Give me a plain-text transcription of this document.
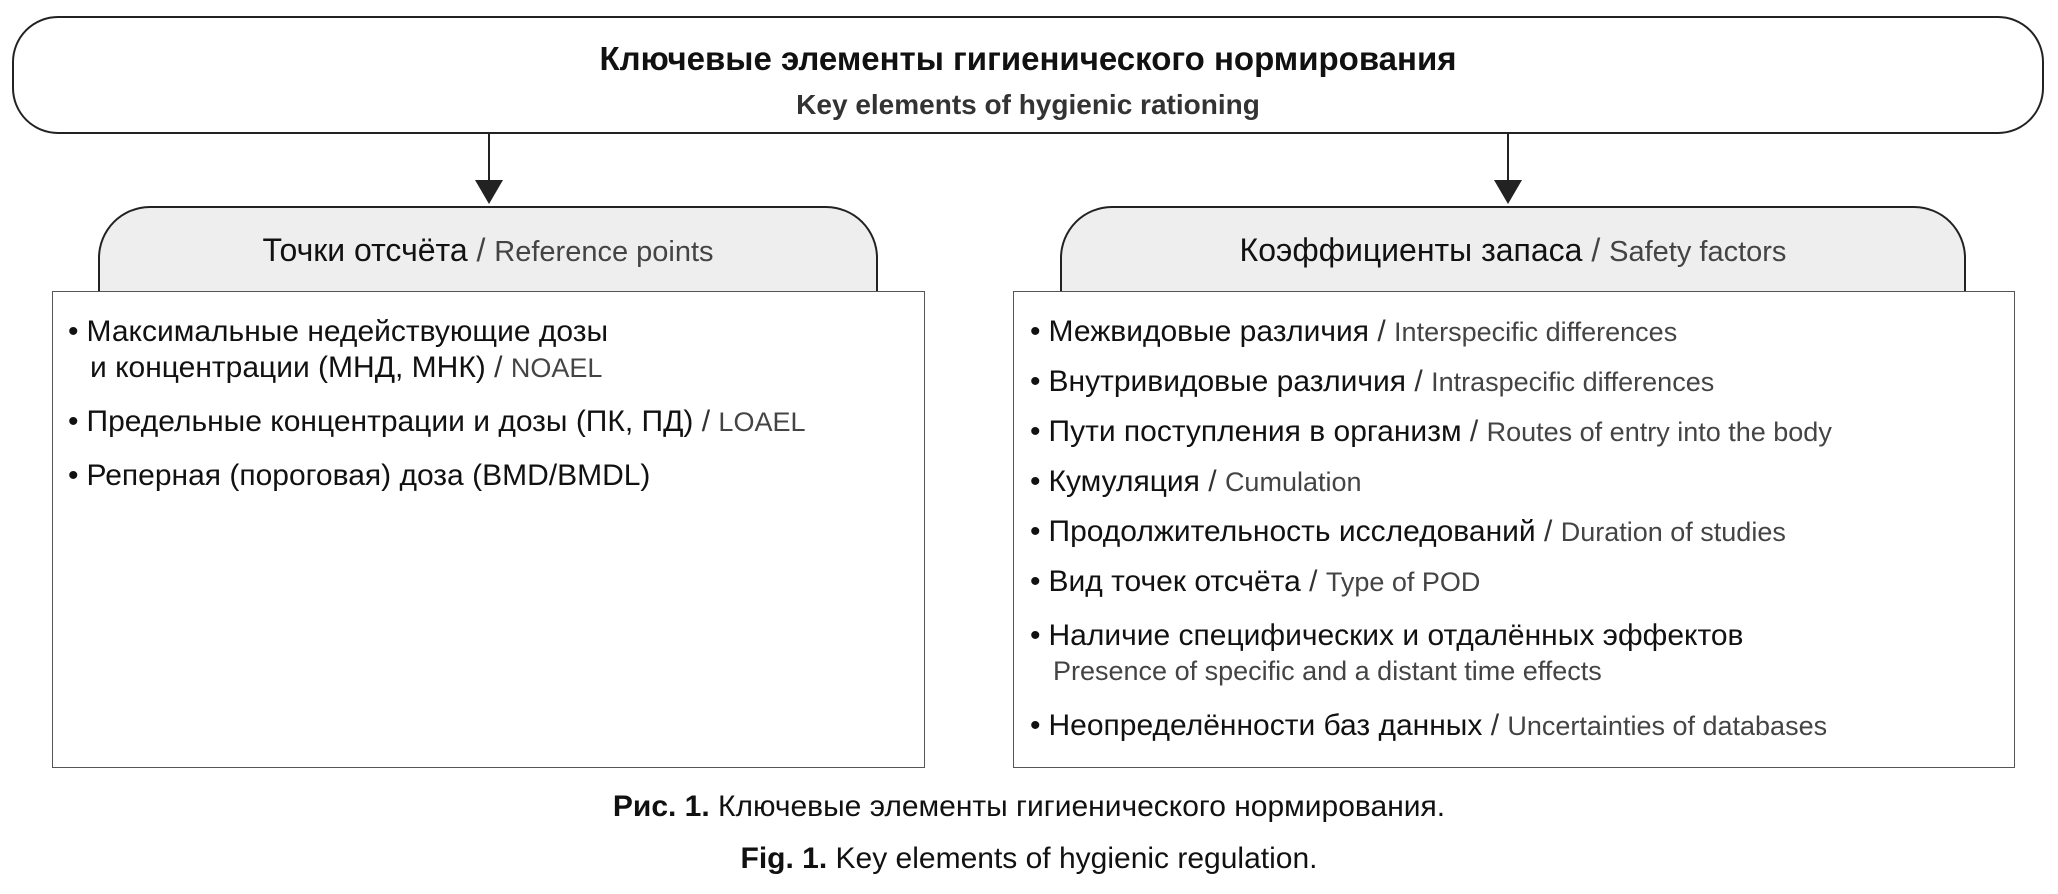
Ключевые элементы гигиенического нормирования
Key elements of hygienic rationing
Точки отсчёта / Reference points
• Максимальные недействующие дозы
и концентрации (МНД, МНК) / NOAEL
• Предельные концентрации и дозы (ПК, ПД) / LOAEL
• Реперная (пороговая) доза (BMD/BMDL)
Коэффициенты запаса / Safety factors
• Межвидовые различия / Interspecific differences
• Внутривидовые различия / Intraspecific differences
• Пути поступления в организм / Routes of entry into the body
• Кумуляция / Cumulation
• Продолжительность исследований / Duration of studies
• Вид точек отсчёта / Type of POD
• Наличие специфических и отдалённых эффектов
Presence of specific and a distant time effects
• Неопределённости баз данных / Uncertainties of databases
Рис. 1. Ключевые элементы гигиенического нормирования.
Fig. 1. Key elements of hygienic regulation.
